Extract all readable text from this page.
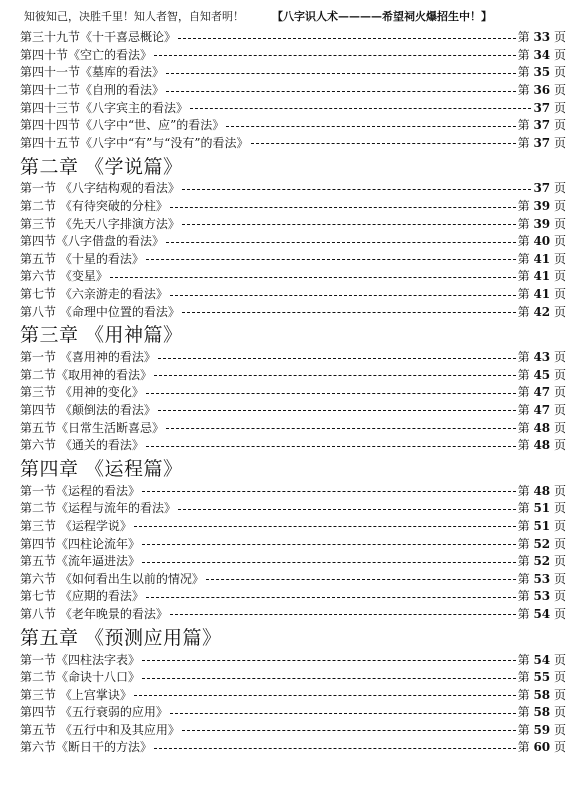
知彼知己，决胜千里！知人者智，自知者明！	【八字识人术————希望祠火爆招生中！】
第三十九节《十干喜忌概论》	第 33 页
第四十节《空亡的看法》	第 34 页
第四十一节《墓库的看法》	第 35 页
第四十二节《自刑的看法》	第 36 页
第四十三节《八字宾主的看法》	37 页
第四十四节《八字中“世、应”的看法》	第 37 页
第四十五节《八字中“有”与“没有”的看法》	第 37 页
第二章 《学说篇》
第一节 《八字结构观的看法》	37 页
第二节 《有待突破的分柱》	第 39 页
第三节 《先天八字排演方法》	第 39 页
第四节《八字借盘的看法》	第 40 页
第五节 《十星的看法》	第 41 页
第六节 《变星》	第 41 页
第七节 《六亲游走的看法》	第 41 页
第八节 《命理中位置的看法》	第 42 页
第三章 《用神篇》
第一节 《喜用神的看法》	第 43 页
第二节《取用神的看法》	第 45 页
第三节 《用神的变化》	第 47 页
第四节 《颠倒法的看法》	第 47 页
第五节《日常生活断喜忌》	第 48 页
第六节 《通关的看法》	第 48 页
第四章 《运程篇》
第一节《运程的看法》	第 48 页
第二节《运程与流年的看法》	第 51 页
第三节 《运程学说》	第 51 页
第四节《四柱论流年》	第 52 页
第五节《流年逼进法》	第 52 页
第六节 《如何看出生以前的情况》	第 53 页
第七节 《应期的看法》	第 53 页
第八节 《老年晚景的看法》	第 54 页
第五章 《预测应用篇》
第一节《四柱法字表》	第 54 页
第二节《命诀十八口》	第 55 页
第三节 《上宫掌诀》	第 58 页
第四节 《五行衰弱的应用》	第 58 页
第五节 《五行中和及其应用》	第 59 页
第六节《断日干的方法》	第 60 页
